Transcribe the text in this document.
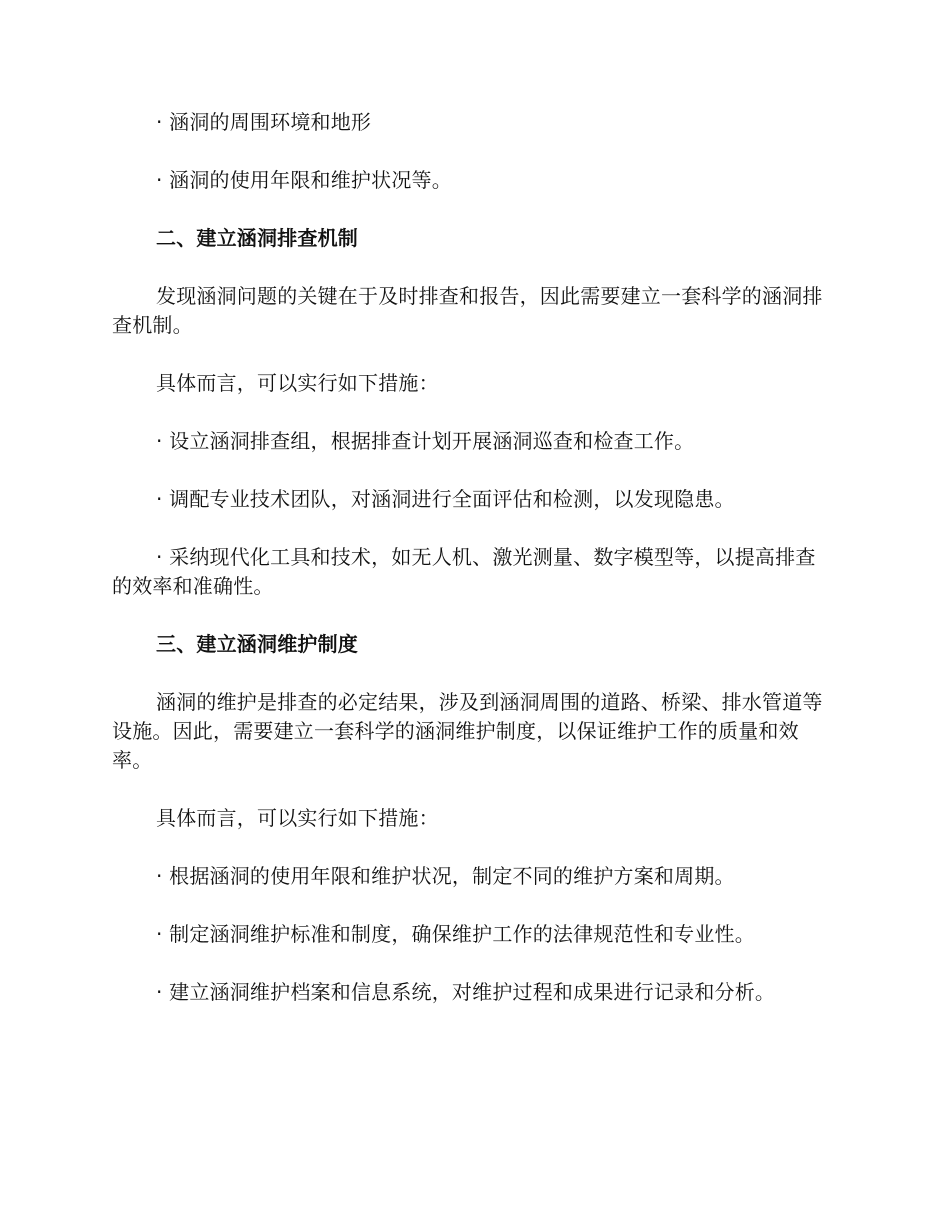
· 涵洞的周围环境和地形

· 涵洞的使用年限和维护状况等。

二、建立涵洞排查机制

发现涵洞问题的关键在于及时排查和报告，因此需要建立一套科学的涵洞排查机制。

具体而言，可以实行如下措施：

· 设立涵洞排查组，根据排查计划开展涵洞巡查和检查工作。

· 调配专业技术团队，对涵洞进行全面评估和检测，以发现隐患。

· 采纳现代化工具和技术，如无人机、激光测量、数字模型等，以提高排查的效率和准确性。

三、建立涵洞维护制度

涵洞的维护是排查的必定结果，涉及到涵洞周围的道路、桥梁、排水管道等设施。因此，需要建立一套科学的涵洞维护制度，以保证维护工作的质量和效率。

具体而言，可以实行如下措施：

· 根据涵洞的使用年限和维护状况，制定不同的维护方案和周期。

· 制定涵洞维护标准和制度，确保维护工作的法律规范性和专业性。

· 建立涵洞维护档案和信息系统，对维护过程和成果进行记录和分析。
